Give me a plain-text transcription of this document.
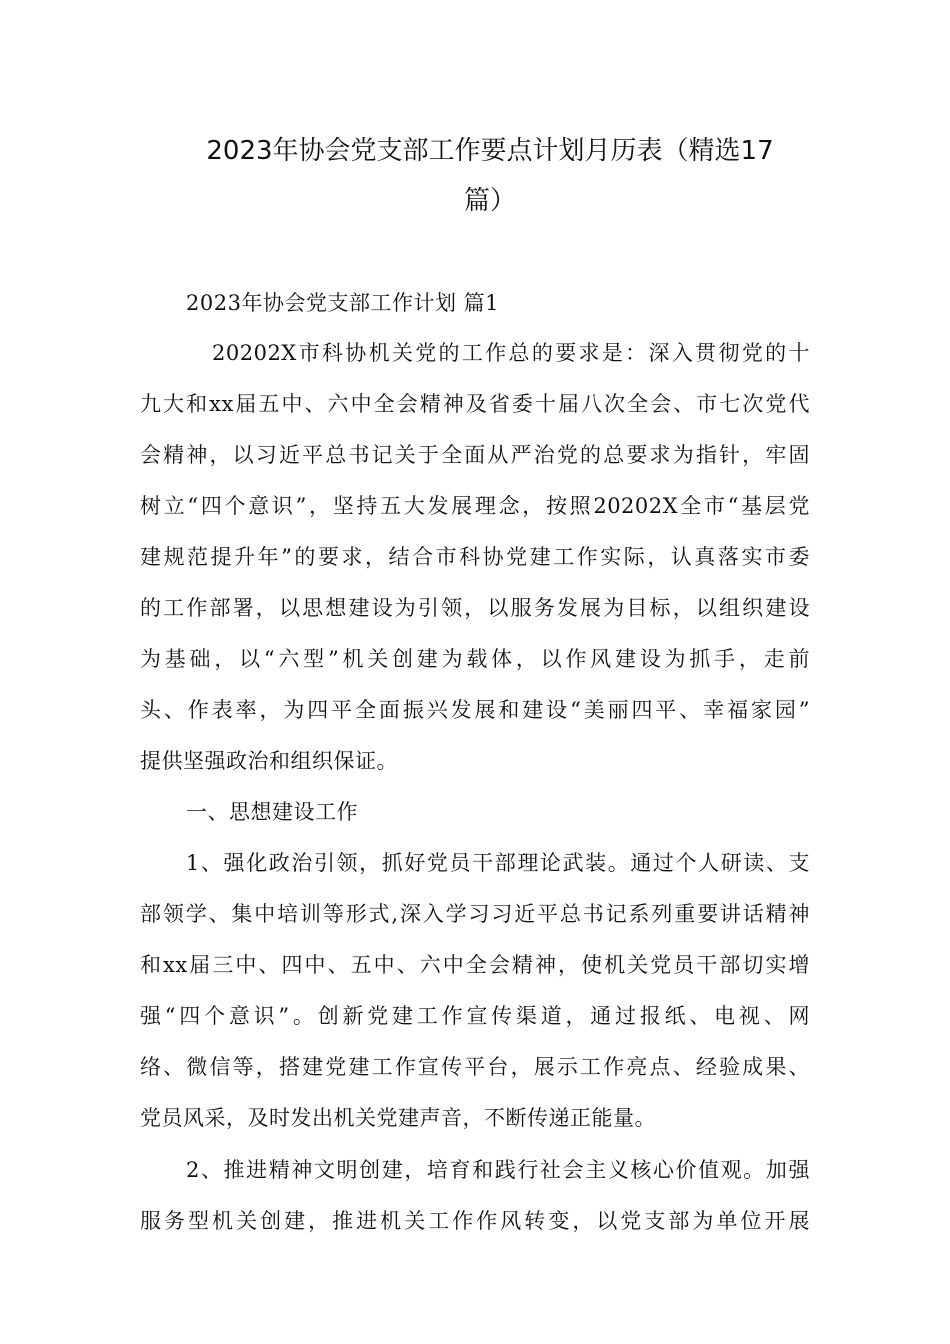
2023年协会党支部工作要点计划月历表（精选17
篇）

2023年协会党支部工作计划 篇1

20202X市科协机关党的工作总的要求是：深入贯彻党的十

九大和xx届五中、六中全会精神及省委十届八次全会、市七次党代

会精神，以习近平总书记关于全面从严治党的总要求为指针，牢固

树立“四个意识”，坚持五大发展理念，按照20202X全市“基层党

建规范提升年”的要求，结合市科协党建工作实际，认真落实市委

的工作部署，以思想建设为引领，以服务发展为目标，以组织建设

为基础，以“六型”机关创建为载体，以作风建设为抓手，走前

头、作表率，为四平全面振兴发展和建设“美丽四平、幸福家园”

提供坚强政治和组织保证。

一、思想建设工作

1、强化政治引领，抓好党员干部理论武装。通过个人研读、支

部领学、集中培训等形式,深入学习习近平总书记系列重要讲话精神

和xx届三中、四中、五中、六中全会精神，使机关党员干部切实增

强“四个意识”。创新党建工作宣传渠道，通过报纸、电视、网

络、微信等，搭建党建工作宣传平台，展示工作亮点、经验成果、

党员风采，及时发出机关党建声音，不断传递正能量。

2、推进精神文明创建，培育和践行社会主义核心价值观。加强

服务型机关创建，推进机关工作作风转变，以党支部为单位开展
